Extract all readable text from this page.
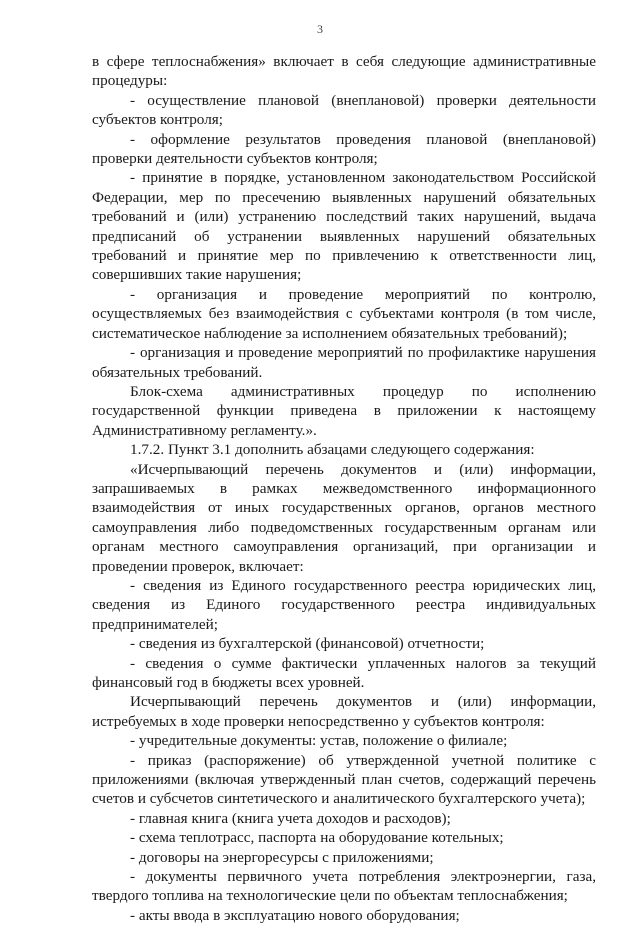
3

в сфере теплоснабжения» включает в себя следующие административные процедуры:

- осуществление плановой (внеплановой) проверки деятельности субъектов контроля;

- оформление результатов проведения плановой (внеплановой) проверки деятельности субъектов контроля;

- принятие в порядке, установленном законодательством Российской Федерации, мер по пресечению выявленных нарушений обязательных требований и (или) устранению последствий таких нарушений, выдача предписаний об устранении выявленных нарушений обязательных требований и принятие мер по привлечению к ответственности лиц, совершивших такие нарушения;

- организация и проведение мероприятий по контролю, осуществляемых без взаимодействия с субъектами контроля (в том числе, систематическое наблюдение за исполнением обязательных требований);

- организация и проведение мероприятий по профилактике нарушения обязательных требований.

Блок-схема административных процедур по исполнению государственной функции приведена в приложении к настоящему Административному регламенту.».

1.7.2. Пункт 3.1 дополнить абзацами следующего содержания:

«Исчерпывающий перечень документов и (или) информации, запрашиваемых в рамках межведомственного информационного взаимодействия от иных государственных органов, органов местного самоуправления либо подведомственных государственным органам или органам местного самоуправления организаций, при организации и проведении проверок, включает:

- сведения из Единого государственного реестра юридических лиц, сведения из Единого государственного реестра индивидуальных предпринимателей;

- сведения из бухгалтерской (финансовой) отчетности;

- сведения о сумме фактически уплаченных налогов за текущий финансовый год в бюджеты всех уровней.

Исчерпывающий перечень документов и (или) информации, истребуемых в ходе проверки непосредственно у субъектов контроля:

- учредительные документы: устав, положение о филиале;

- приказ (распоряжение) об утвержденной учетной политике с приложениями (включая утвержденный план счетов, содержащий перечень счетов и субсчетов синтетического и аналитического бухгалтерского учета);

- главная книга (книга учета доходов и расходов);

- схема теплотрасс, паспорта на оборудование котельных;

- договоры на энергоресурсы с приложениями;

- документы первичного учета потребления электроэнергии, газа, твердого топлива на технологические цели по объектам теплоснабжения;

- акты ввода в эксплуатацию нового оборудования;
